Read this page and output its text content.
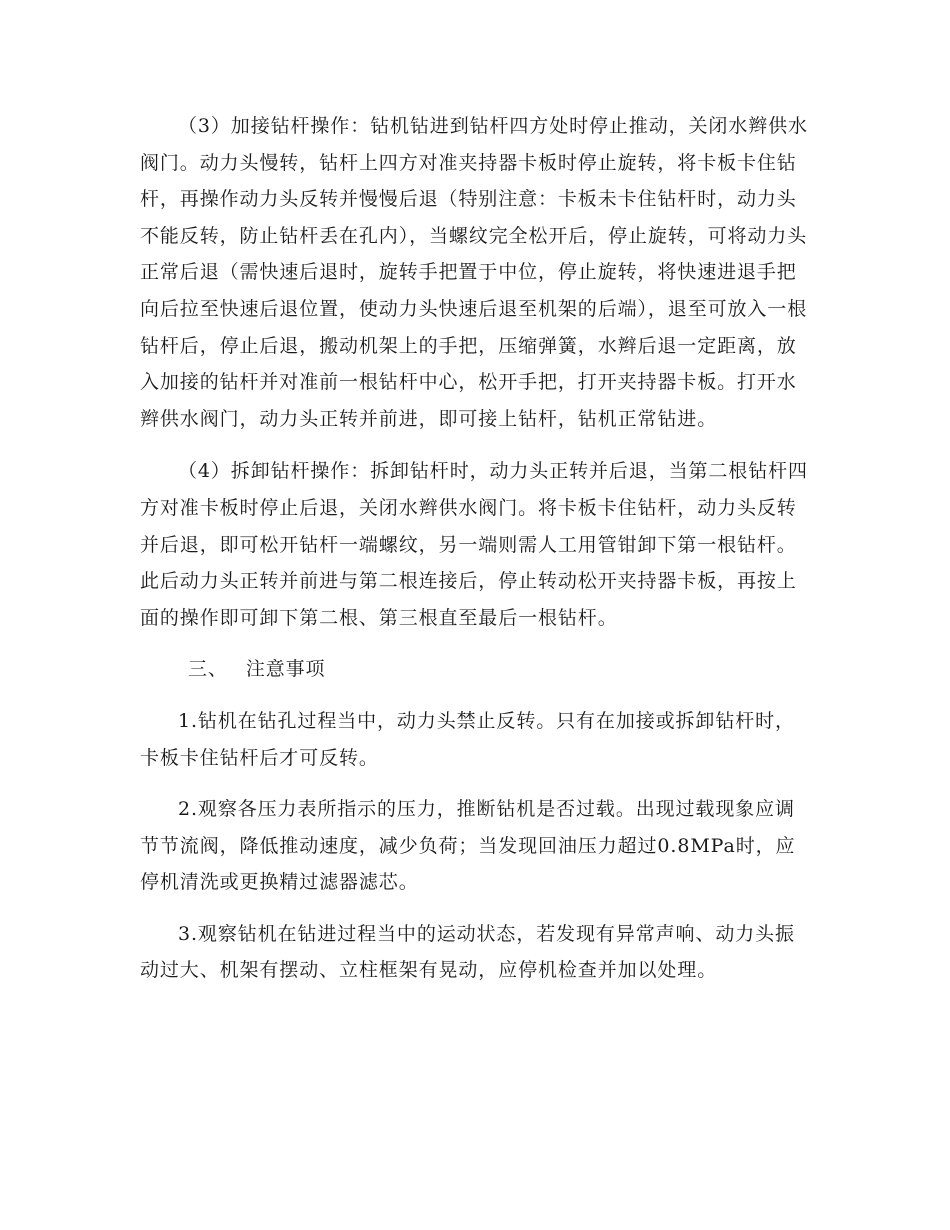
（3）加接钻杆操作：钻机钻进到钻杆四方处时停止推动，关闭水辫供水阀门。动力头慢转，钻杆上四方对准夹持器卡板时停止旋转，将卡板卡住钻杆，再操作动力头反转并慢慢后退（特别注意：卡板未卡住钻杆时，动力头不能反转，防止钻杆丢在孔内），当螺纹完全松开后，停止旋转，可将动力头正常后退（需快速后退时，旋转手把置于中位，停止旋转，将快速进退手把向后拉至快速后退位置，使动力头快速后退至机架的后端），退至可放入一根钻杆后，停止后退，搬动机架上的手把，压缩弹簧，水辫后退一定距离，放入加接的钻杆并对准前一根钻杆中心，松开手把，打开夹持器卡板。打开水辫供水阀门，动力头正转并前进，即可接上钻杆，钻机正常钻进。

（4）拆卸钻杆操作：拆卸钻杆时，动力头正转并后退，当第二根钻杆四方对准卡板时停止后退，关闭水辫供水阀门。将卡板卡住钻杆，动力头反转并后退，即可松开钻杆一端螺纹，另一端则需人工用管钳卸下第一根钻杆。此后动力头正转并前进与第二根连接后，停止转动松开夹持器卡板，再按上面的操作即可卸下第二根、第三根直至最后一根钻杆。

三、 注意事项

1.钻机在钻孔过程当中，动力头禁止反转。只有在加接或拆卸钻杆时，卡板卡住钻杆后才可反转。

2.观察各压力表所指示的压力，推断钻机是否过载。出现过载现象应调节节流阀，降低推动速度，减少负荷；当发现回油压力超过0.8MPa时，应停机清洗或更换精过滤器滤芯。

3.观察钻机在钻进过程当中的运动状态，若发现有异常声响、动力头振动过大、机架有摆动、立柱框架有晃动，应停机检查并加以处理。
